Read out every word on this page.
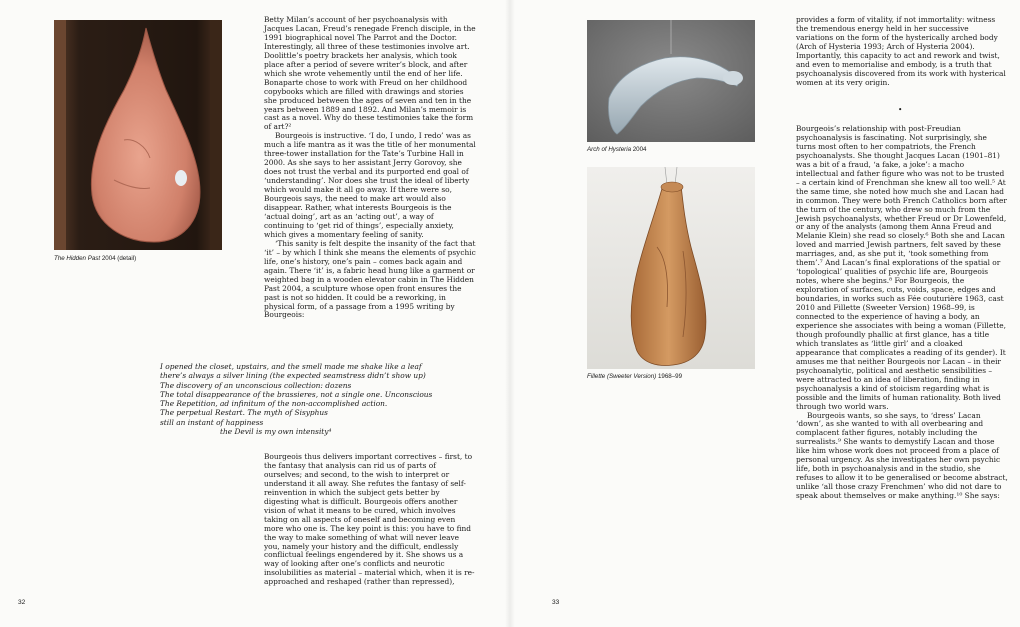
The Hidden Past 2004 (detail)

Betty Milan’s account of her psychoanalysis with Jacques Lacan, Freud’s renegade French disciple, in the 1991 biographical novel The Parrot and the Doctor. Interestingly, all three of these testimonies involve art. Doolittle’s poetry brackets her analysis, which took place after a period of severe writer’s block, and after which she wrote vehemently until the end of her life. Bonaparte chose to work with Freud on her childhood copybooks which are filled with drawings and stories she produced between the ages of seven and ten in the years between 1889 and 1892. And Milan’s memoir is cast as a novel. Why do these testimonies take the form of art?²

Bourgeois is instructive. ‘I do, I undo, I redo’ was as much a life mantra as it was the title of her monumental three-tower installation for the Tate’s Turbine Hall in 2000. As she says to her assistant Jerry Gorovoy, she does not trust the verbal and its purported end goal of ‘understanding’. Nor does she trust the ideal of liberty which would make it all go away. If there were so, Bourgeois says, the need to make art would also disappear. Rather, what interests Bourgeois is the ‘actual doing’, art as an ‘acting out’, a way of continuing to ‘get rid of things’, especially anxiety, which gives a momentary feeling of sanity.

‘This sanity is felt despite the insanity of the fact that ‘it’ – by which I think she means the elements of psychic life, one’s history, one’s pain – comes back again and again. There ‘it’ is, a fabric head hung like a garment or weighted bag in a wooden elevator cabin in The Hidden Past 2004, a sculpture whose open front ensures the past is not so hidden. It could be a reworking, in physical form, of a passage from a 1995 writing by Bourgeois:

I opened the closet, upstairs, and the smell made me shake like a leaf
there’s always a silver lining (the expected seamstress didn’t show up)
The discovery of an unconscious collection: dozens
The total disappearance of the brassieres, not a single one. Unconscious
The Repetition, ad infinitum of the non-accomplished action.
The perpetual Restart. The myth of Sisyphus
still an instant of happiness
the Devil is my own intensity⁴

Bourgeois thus delivers important correctives – first, to the fantasy that analysis can rid us of parts of ourselves; and second, to the wish to interpret or understand it all away. She refutes the fantasy of self-reinvention in which the subject gets better by digesting what is difficult. Bourgeois offers another vision of what it means to be cured, which involves taking on all aspects of oneself and becoming even more who one is. The key point is this: you have to find the way to make something of what will never leave you, namely your history and the difficult, endlessly conflictual feelings engendered by it. She shows us a way of looking after one’s conflicts and neurotic insolubilities as material – material which, when it is re-approached and reshaped (rather than repressed),

32

Arch of Hysteria 2004

Fillette (Sweeter Version) 1968–99

provides a form of vitality, if not immortality: witness the tremendous energy held in her successive variations on the form of the hysterically arched body (Arch of Hysteria 1993; Arch of Hysteria 2004). Importantly, this capacity to act and rework and twist, and even to memorialise and embody, is a truth that psychoanalysis discovered from its work with hysterical women at its very origin.

•

Bourgeois’s relationship with post-Freudian psychoanalysis is fascinating. Not surprisingly, she turns most often to her compatriots, the French psychoanalysts. She thought Jacques Lacan (1901–81) was a bit of a fraud, ‘a fake, a joke’: a macho intellectual and father figure who was not to be trusted – a certain kind of Frenchman she knew all too well.⁵ At the same time, she noted how much she and Lacan had in common. They were both French Catholics born after the turn of the century, who drew so much from the Jewish psychoanalysts, whether Freud or Dr Lowenfeld, or any of the analysts (among them Anna Freud and Melanie Klein) she read so closely.⁶ Both she and Lacan loved and married Jewish partners, felt saved by these marriages, and, as she put it, ‘took something from them’.⁷ And Lacan’s final explorations of the spatial or ‘topological’ qualities of psychic life are, Bourgeois notes, where she begins.⁸ For Bourgeois, the exploration of surfaces, cuts, voids, space, edges and boundaries, in works such as Fée couturière 1963, cast 2010 and Fillette (Sweeter Version) 1968–99, is connected to the experience of having a body, an experience she associates with being a woman (Fillette, though profoundly phallic at first glance, has a title which translates as ‘little girl’ and a cloaked appearance that complicates a reading of its gender). It amuses me that neither Bourgeois nor Lacan – in their psychoanalytic, political and aesthetic sensibilities – were attracted to an idea of liberation, finding in psychoanalysis a kind of stoicism regarding what is possible and the limits of human rationality. Both lived through two world wars.

Bourgeois wants, so she says, to ‘dress’ Lacan ‘down’, as she wanted to with all overbearing and complacent father figures, notably including the surrealists.⁹ She wants to demystify Lacan and those like him whose work does not proceed from a place of personal urgency. As she investigates her own psychic life, both in psychoanalysis and in the studio, she refuses to allow it to be generalised or become abstract, unlike ‘all those crazy Frenchmen’ who did not dare to speak about themselves or make anything.¹⁰ She says:

33
